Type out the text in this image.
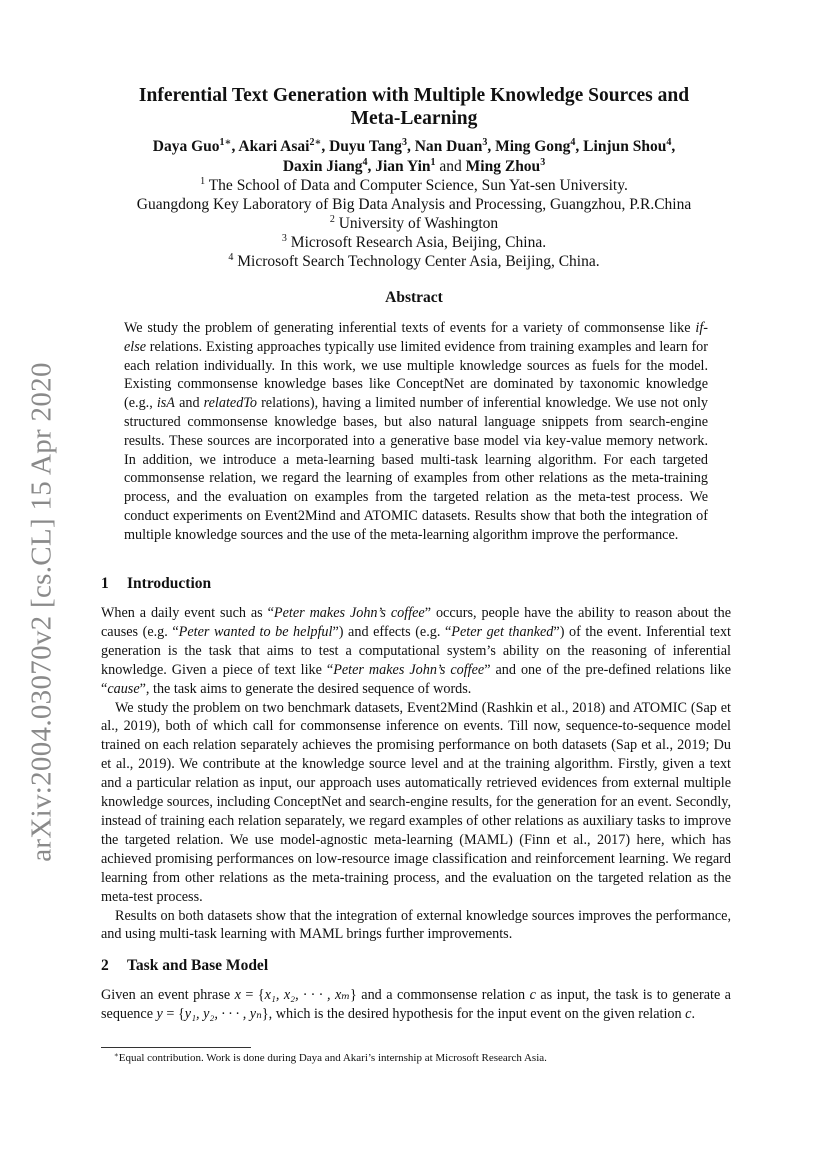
arXiv:2004.03070v2 [cs.CL] 15 Apr 2020
Inferential Text Generation with Multiple Knowledge Sources and
Meta-Learning
Daya Guo$^{1∗}$, Akari Asai$^{2∗}$, Duyu Tang$^3$, Nan Duan$^3$, Ming Gong$^4$, Linjun Shou$^4$,
Daxin Jiang$^4$, Jian Yin$^1$ and Ming Zhou$^3$
$^1$ The School of Data and Computer Science, Sun Yat-sen University.
Guangdong Key Laboratory of Big Data Analysis and Processing, Guangzhou, P.R.China
$^2$ University of Washington
$^3$ Microsoft Research Asia, Beijing, China.
$^4$ Microsoft Search Technology Center Asia, Beijing, China.
Abstract
We study the problem of generating inferential texts of events for a variety of commonsense like if-else relations. Existing approaches typically use limited evidence from training examples and learn for each relation individually. In this work, we use multiple knowledge sources as fuels for the model. Existing commonsense knowledge bases like ConceptNet are dominated by taxonomic knowledge (e.g., isA and relatedTo relations), having a limited number of inferential knowledge. We use not only structured commonsense knowledge bases, but also natural language snippets from search-engine results. These sources are incorporated into a generative base model via key-value memory network. In addition, we introduce a meta-learning based multi-task learning algorithm. For each targeted commonsense relation, we regard the learning of examples from other relations as the meta-training process, and the evaluation on examples from the targeted relation as the meta-test process. We conduct experiments on Event2Mind and ATOMIC datasets. Results show that both the integration of multiple knowledge sources and the use of the meta-learning algorithm improve the performance.
1 Introduction

When a daily event such as “Peter makes John’s coffee” occurs, people have the ability to reason about the causes (e.g. “Peter wanted to be helpful”) and effects (e.g. “Peter get thanked”) of the event. Inferential text generation is the task that aims to test a computational system’s ability on the reasoning of inferential knowledge. Given a piece of text like “Peter makes John’s coffee” and one of the pre-defined relations like “cause”, the task aims to generate the desired sequence of words.

We study the problem on two benchmark datasets, Event2Mind (Rashkin et al., 2018) and ATOMIC (Sap et al., 2019), both of which call for commonsense inference on events. Till now, sequence-to-sequence model trained on each relation separately achieves the promising performance on both datasets (Sap et al., 2019; Du et al., 2019). We contribute at the knowledge source level and at the training algorithm. Firstly, given a text and a particular relation as input, our approach uses automatically retrieved evidences from external multiple knowledge sources, including ConceptNet and search-engine results, for the generation for an event. Secondly, instead of training each relation separately, we regard examples of other relations as auxiliary tasks to improve the targeted relation. We use model-agnostic meta-learning (MAML) (Finn et al., 2017) here, which has achieved promising performances on low-resource image classification and reinforcement learning. We regard learning from other relations as the meta-training process, and the evaluation on the targeted relation as the meta-test process.

Results on both datasets show that the integration of external knowledge sources improves the performance, and using multi-task learning with MAML brings further improvements.

2 Task and Base Model

Given an event phrase x = {x₁, x₂, · · · , xₘ} and a commonsense relation c as input, the task is to generate a sequence y = {y₁, y₂, · · · , yₙ}, which is the desired hypothesis for the input event on the given relation c.

∗Equal contribution. Work is done during Daya and Akari’s internship at Microsoft Research Asia.
